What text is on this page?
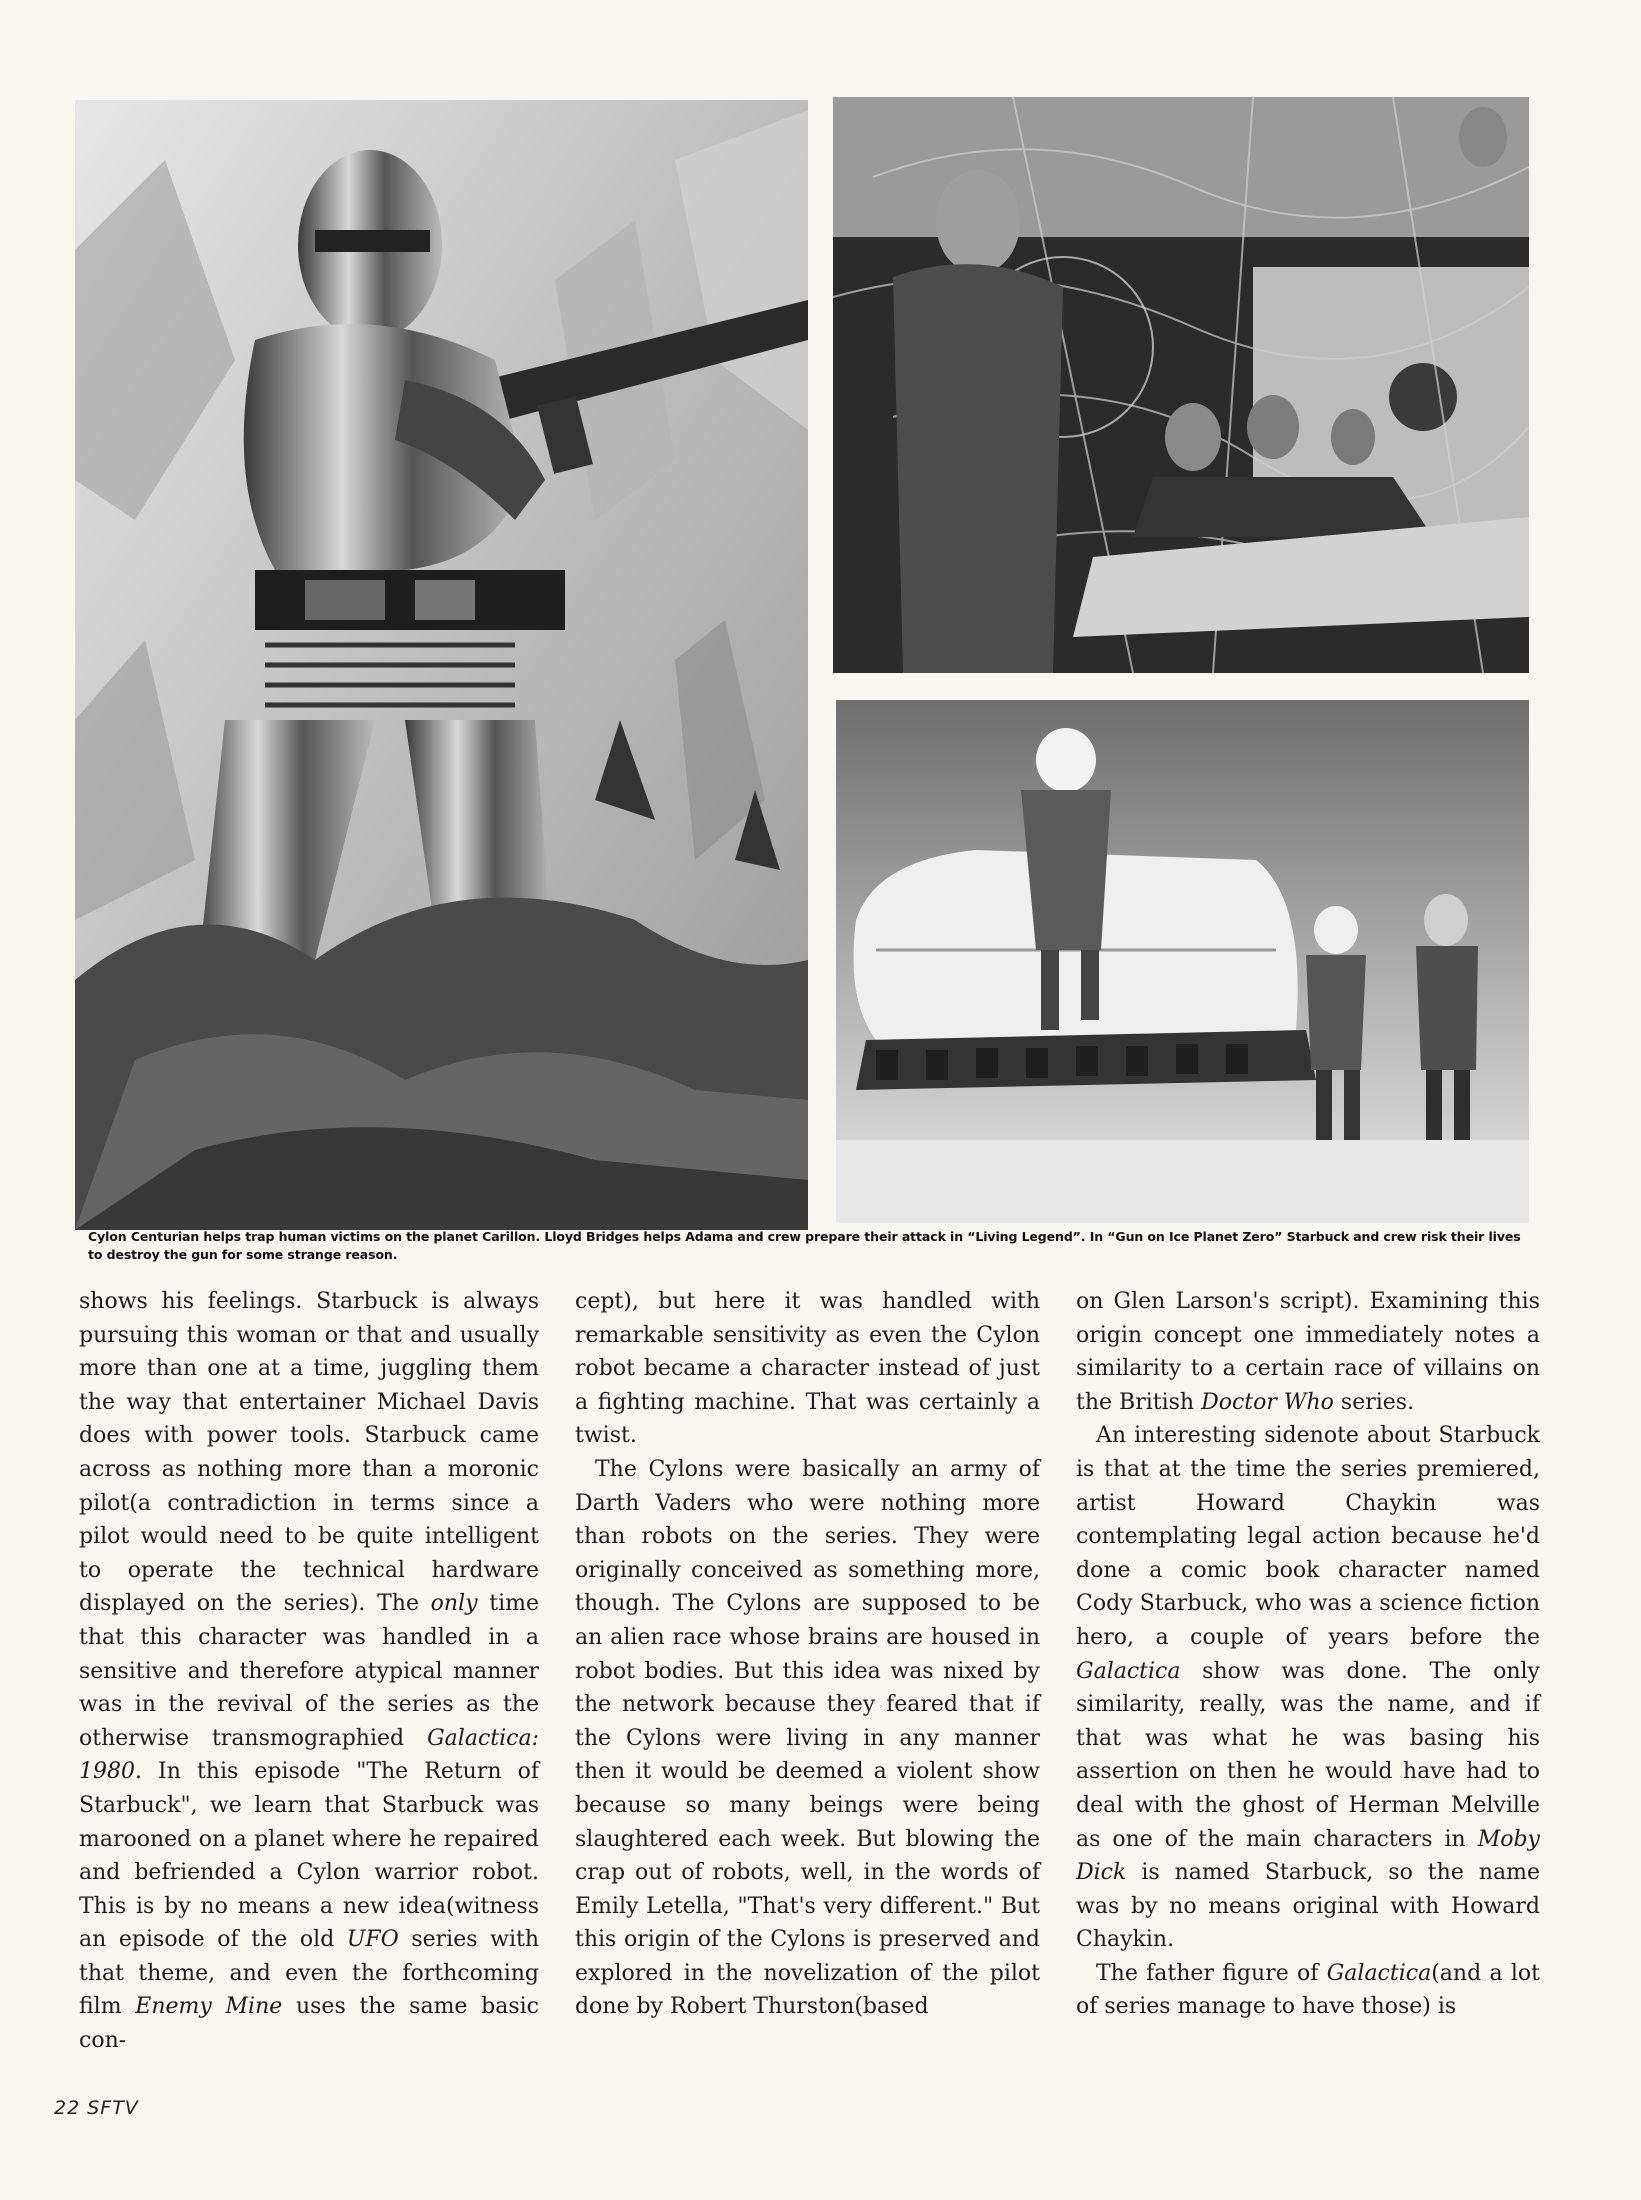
Cylon Centurian helps trap human victims on the planet Carillon. Lloyd Bridges helps Adama and crew prepare their attack in “Living Legend”. In “Gun on Ice Planet Zero” Starbuck and crew risk their lives to destroy the gun for some strange reason.

shows his feelings. Starbuck is always pursuing this woman or that and usually more than one at a time, juggling them the way that entertainer Michael Davis does with power tools. Starbuck came across as nothing more than a moronic pilot(a contradiction in terms since a pilot would need to be quite intelligent to operate the technical hardware displayed on the series). The only time that this character was handled in a sensitive and therefore atypical manner was in the revival of the series as the otherwise transmographied Galactica: 1980. In this episode "The Return of Starbuck", we learn that Starbuck was marooned on a planet where he repaired and befriended a Cylon warrior robot. This is by no means a new idea(witness an episode of the old UFO series with that theme, and even the forthcoming film Enemy Mine uses the same basic con-

cept), but here it was handled with remarkable sensitivity as even the Cylon robot became a character instead of just a fighting machine. That was certainly a twist.

The Cylons were basically an army of Darth Vaders who were nothing more than robots on the series. They were originally conceived as something more, though. The Cylons are supposed to be an alien race whose brains are housed in robot bodies. But this idea was nixed by the network because they feared that if the Cylons were living in any manner then it would be deemed a violent show because so many beings were being slaughtered each week. But blowing the crap out of robots, well, in the words of Emily Letella, "That's very different." But this origin of the Cylons is preserved and explored in the novelization of the pilot done by Robert Thurston(based

on Glen Larson's script). Examining this origin concept one immediately notes a similarity to a certain race of villains on the British Doctor Who series.

An interesting sidenote about Starbuck is that at the time the series premiered, artist Howard Chaykin was contemplating legal action because he'd done a comic book character named Cody Starbuck, who was a science fiction hero, a couple of years before the Galactica show was done. The only similarity, really, was the name, and if that was what he was basing his assertion on then he would have had to deal with the ghost of Herman Melville as one of the main characters in Moby Dick is named Starbuck, so the name was by no means original with Howard Chaykin.

The father figure of Galactica(and a lot of series manage to have those) is

22 SFTV
